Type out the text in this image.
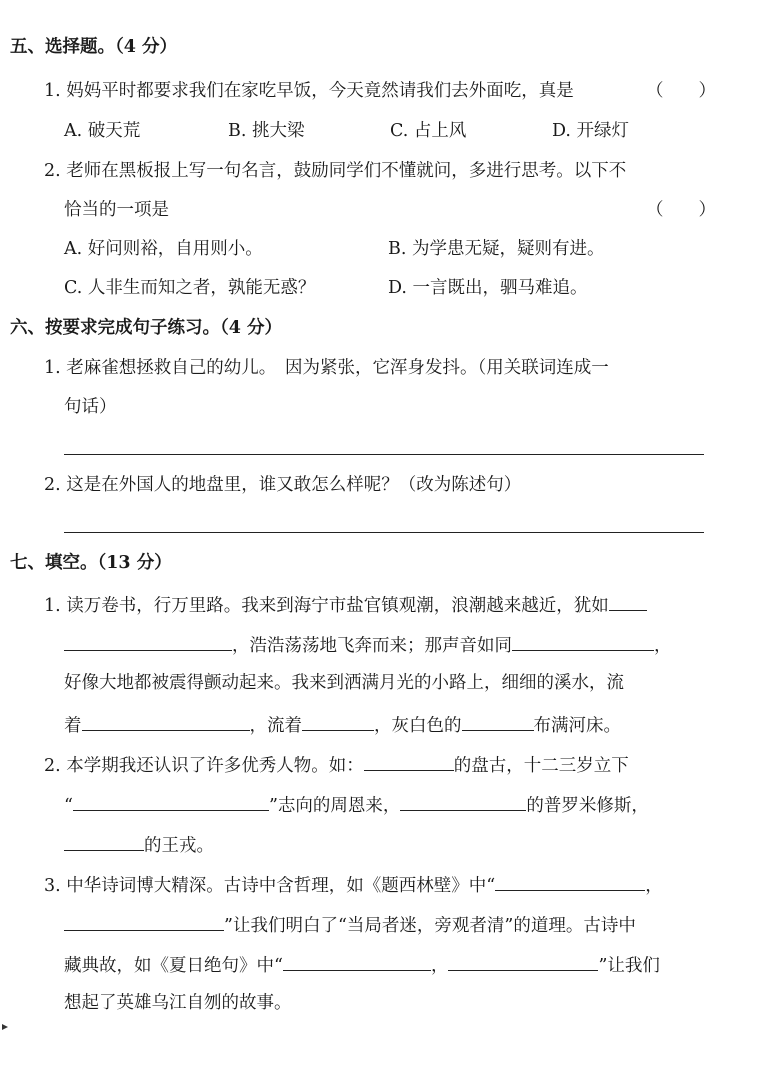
五、选择题。（4 分）
1. 妈妈平时都要求我们在家吃早饭，今天竟然请我们去外面吃，真是	（　　）
A. 破天荒	B. 挑大梁	C. 占上风	D. 开绿灯
2. 老师在黑板报上写一句名言，鼓励同学们不懂就问，多进行思考。以下不
恰当的一项是	（　　）
A. 好问则裕，自用则小。	B. 为学患无疑，疑则有进。
C. 人非生而知之者，孰能无惑？	D. 一言既出，驷马难追。
六、按要求完成句子练习。（4 分）
1. 老麻雀想拯救自己的幼儿。　因为紧张，它浑身发抖。（用关联词连成一
句话）
2. 这是在外国人的地盘里，谁又敢怎么样呢？（改为陈述句）
七、填空。（13 分）
1. 读万卷书，行万里路。我来到海宁市盐官镇观潮，浪潮越来越近，犹如
，浩浩荡荡地飞奔而来；那声音如同	，
好像大地都被震得颤动起来。我来到洒满月光的小路上，细细的溪水，流
着	，流着	，灰白色的	布满河床。
2. 本学期我还认识了许多优秀人物。如：	的盘古，十二三岁立下
“	”志向的周恩来，	的普罗米修斯，
的王戎。
3. 中华诗词博大精深。古诗中含哲理，如《题西林壁》中“	，
”让我们明白了“当局者迷，旁观者清”的道理。古诗中
藏典故，如《夏日绝句》中“	，	”让我们
想起了英雄乌江自刎的故事。
